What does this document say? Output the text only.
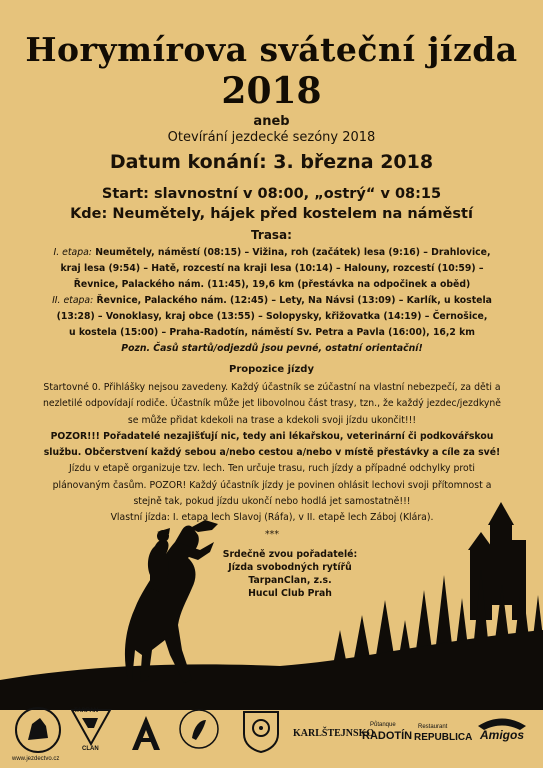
Horymírova sváteční jízda
2018
aneb
Otevírání jezdecké sezóny 2018
Datum konání: 3. března 2018
Start: slavnostní v 08:00, „ostrý“ v 08:15
Kde: Neumětely, hájek před kostelem na náměstí
Trasa:
I. etapa: Neumětely, náměstí (08:15) – Vižina, roh (začátek) lesa (9:16) – Drahlovice, kraj lesa (9:54) – Hatě, rozcestí na kraji lesa (10:14) – Halouny, rozcestí (10:59) – Řevnice, Palackého nám. (11:45), 19,6 km (přestávka na odpočinek a oběd)
II. etapa: Řevnice, Palackého nám. (12:45) – Lety, Na Návsi (13:09) – Karlík, u kostela (13:28) – Vonoklasy, kraj obce (13:55) – Solopysky, křižovatka (14:19) – Černošice, u kostela (15:00) – Praha-Radotín, náměstí Sv. Petra a Pavla (16:00), 16,2 km
Pozn. Časů startů/odjezdů jsou pevné, ostatní orientační!
Propozice jízdy
Startovné 0. Přihlášky nejsou zavedeny. Každý účastník se zúčastní na vlastní nebezpečí, za děti a nezletilé odpovídají rodiče. Účastník může jet libovolnou část trasy, tzn., že každý jezdec/jezdkyně se může přidat kdekoli na trase a kdekoli svoji jízdu ukončit!!!
POZOR!!! Pořadatelé nezajišťují nic, tedy ani lékařskou, veterinární či podkovářskou službu. Občerstvení každý sebou a/nebo cestou a/nebo v místě přestávky a cíle za své!
Jízdu v etapě organizuje tzv. lech. Ten určuje trasu, ruch jízdy a případné odchylky proti plánovaným časům. POZOR! Každý účastník jízdy je povinen ohlásit lechovi svoji přítomnost a stejně tak, pokud jízdu ukončí nebo hodlá jet samostatně!!!
Vlastní jízda: I. etapa lech Slavoj (Ráfa), v II. etapě lech Záboj (Klára).
***
Srdečně zvou pořadatelé:
Jízda svobodných rytířů
TarpanClan, z.s.
Hucul Club Prah
www.jezdectvo.cz
TARPAN
CLAN
KARLŠTEJNSKO
Půtanque
RADOTÍN
Restaurant
REPUBLICA Amigos
